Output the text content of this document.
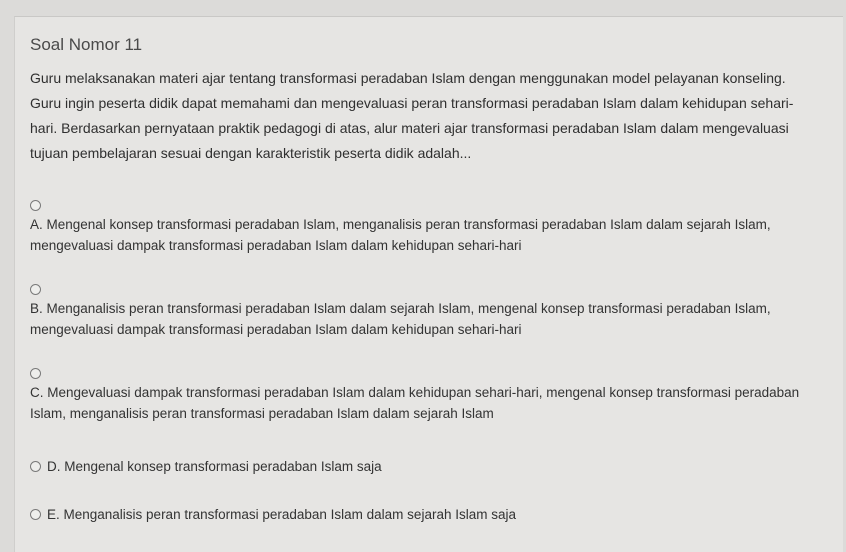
Soal Nomor 11
Guru melaksanakan materi ajar tentang transformasi peradaban Islam dengan menggunakan model pelayanan konseling. Guru ingin peserta didik dapat memahami dan mengevaluasi peran transformasi peradaban Islam dalam kehidupan sehari-hari. Berdasarkan pernyataan praktik pedagogi di atas, alur materi ajar transformasi peradaban Islam dalam mengevaluasi tujuan pembelajaran sesuai dengan karakteristik peserta didik adalah...
A. Mengenal konsep transformasi peradaban Islam, menganalisis peran transformasi peradaban Islam dalam sejarah Islam, mengevaluasi dampak transformasi peradaban Islam dalam kehidupan sehari-hari
B. Menganalisis peran transformasi peradaban Islam dalam sejarah Islam, mengenal konsep transformasi peradaban Islam, mengevaluasi dampak transformasi peradaban Islam dalam kehidupan sehari-hari
C. Mengevaluasi dampak transformasi peradaban Islam dalam kehidupan sehari-hari, mengenal konsep transformasi peradaban Islam, menganalisis peran transformasi peradaban Islam dalam sejarah Islam
D. Mengenal konsep transformasi peradaban Islam saja
E. Menganalisis peran transformasi peradaban Islam dalam sejarah Islam saja
